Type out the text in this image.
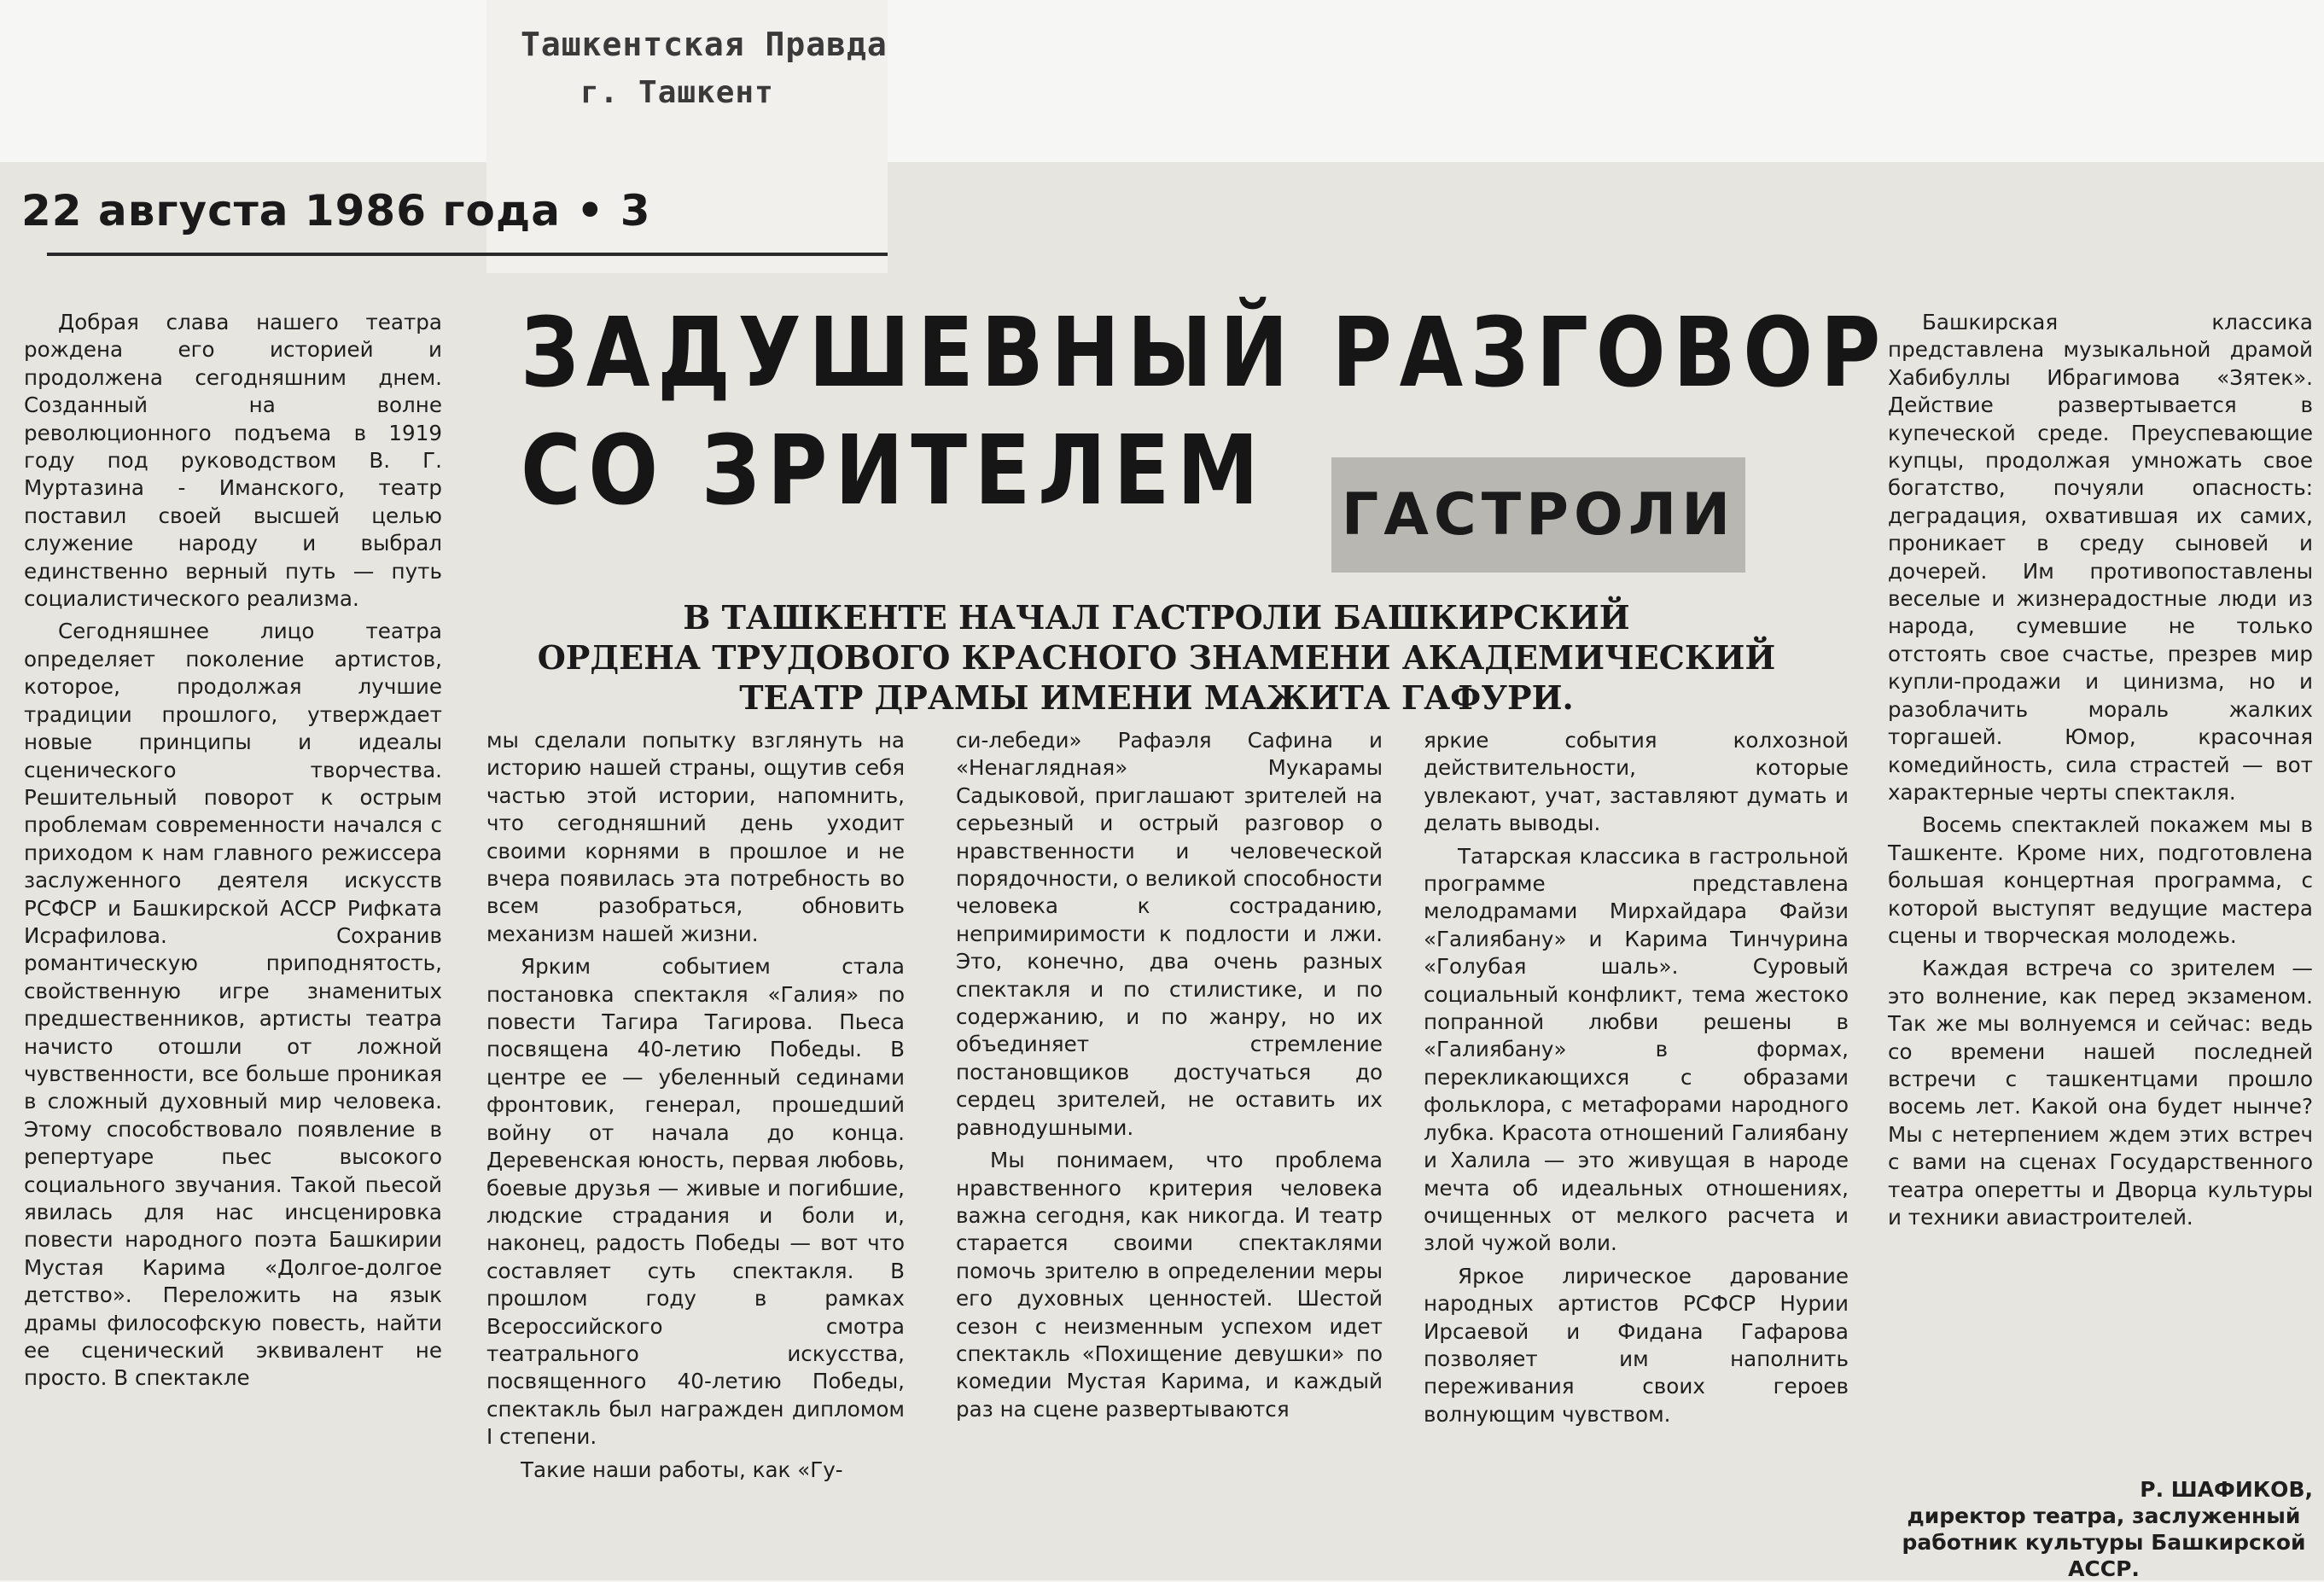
Ташкентская Правда
г. Ташкент
22 августа 1986 года • 3
ЗАДУШЕВНЫЙ РАЗГОВОР
СО ЗРИТЕЛЕМ	ГАСТРОЛИ
В ТАШКЕНТЕ НАЧАЛ ГАСТРОЛИ БАШКИРСКИЙ
ОРДЕНА ТРУДОВОГО КРАСНОГО ЗНАМЕНИ АКАДЕМИЧЕСКИЙ
ТЕАТР ДРАМЫ ИМЕНИ МАЖИТА ГАФУРИ.

Добрая слава нашего театра рождена его историей и продолжена сегодняшним днем. Созданный на волне революционного подъема в 1919 году под руководством В. Г. Муртазина - Иманского, театр поставил своей высшей целью служение народу и выбрал единственно верный путь — путь социалистического реализма.

Сегодняшнее лицо театра определяет поколение артистов, которое, продолжая лучшие традиции прошлого, утверждает новые принципы и идеалы сценического творчества. Решительный поворот к острым проблемам современности начался с приходом к нам главного режиссера заслуженного деятеля искусств РСФСР и Башкирской АССР Рифката Исрафилова. Сохранив романтическую приподнятость, свойственную игре знаменитых предшественников, артисты театра начисто отошли от ложной чувственности, все больше проникая в сложный духовный мир человека. Этому способствовало появление в репертуаре пьес высокого социального звучания. Такой пьесой явилась для нас инсценировка повести народного поэта Башкирии Мустая Карима «Долгое-долгое детство». Переложить на язык драмы философскую повесть, найти ее сценический эквивалент не просто. В спектакле

мы сделали попытку взглянуть на историю нашей страны, ощутив себя частью этой истории, напомнить, что сегодняшний день уходит своими корнями в прошлое и не вчера появилась эта потребность во всем разобраться, обновить механизм нашей жизни.

Ярким событием стала постановка спектакля «Галия» по повести Тагира Тагирова. Пьеса посвящена 40-летию Победы. В центре ее — убеленный сединами фронтовик, генерал, прошедший войну от начала до конца. Деревенская юность, первая любовь, боевые друзья — живые и погибшие, людские страдания и боли и, наконец, радость Победы — вот что составляет суть спектакля. В прошлом году в рамках Всероссийского смотра театрального искусства, посвященного 40-летию Победы, спектакль был награжден дипломом I степени.

Такие наши работы, как «Гу-

си-лебеди» Рафаэля Сафина и «Ненаглядная» Мукарамы Садыковой, приглашают зрителей на серьезный и острый разговор о нравственности и человеческой порядочности, о великой способности человека к состраданию, непримиримости к подлости и лжи. Это, конечно, два очень разных спектакля и по стилистике, и по содержанию, и по жанру, но их объединяет стремление постановщиков достучаться до сердец зрителей, не оставить их равнодушными.

Мы понимаем, что проблема нравственного критерия человека важна сегодня, как никогда. И театр старается своими спектаклями помочь зрителю в определении меры его духовных ценностей. Шестой сезон с неизменным успехом идет спектакль «Похищение девушки» по комедии Мустая Карима, и каждый раз на сцене развертываются

яркие события колхозной действительности, которые увлекают, учат, заставляют думать и делать выводы.

Татарская классика в гастрольной программе представлена мелодрамами Мирхайдара Файзи «Галиябану» и Карима Тинчурина «Голубая шаль». Суровый социальный конфликт, тема жестоко попранной любви решены в «Галиябану» в формах, перекликающихся с образами фольклора, с метафорами народного лубка. Красота отношений Галиябану и Халила — это живущая в народе мечта об идеальных отношениях, очищенных от мелкого расчета и злой чужой воли.

Яркое лирическое дарование народных артистов РСФСР Нурии Ирсаевой и Фидана Гафарова позволяет им наполнить переживания своих героев волнующим чувством.

Башкирская классика представлена музыкальной драмой Хабибуллы Ибрагимова «Зятек». Действие развертывается в купеческой среде. Преуспевающие купцы, продолжая умножать свое богатство, почуяли опасность: деградация, охватившая их самих, проникает в среду сыновей и дочерей. Им противопоставлены веселые и жизнерадостные люди из народа, сумевшие не только отстоять свое счастье, презрев мир купли-продажи и цинизма, но и разоблачить мораль жалких торгашей. Юмор, красочная комедийность, сила страстей — вот характерные черты спектакля.

Восемь спектаклей покажем мы в Ташкенте. Кроме них, подготовлена большая концертная программа, с которой выступят ведущие мастера сцены и творческая молодежь.

Каждая встреча со зрителем — это волнение, как перед экзаменом. Так же мы волнуемся и сейчас: ведь со времени нашей последней встречи с ташкентцами прошло восемь лет. Какой она будет нынче? Мы с нетерпением ждем этих встреч с вами на сценах Государственного театра оперетты и Дворца культуры и техники авиастроителей.

Р. ШАФИКОВ,
директор театра, заслуженный работник культуры Башкирской АССР.
